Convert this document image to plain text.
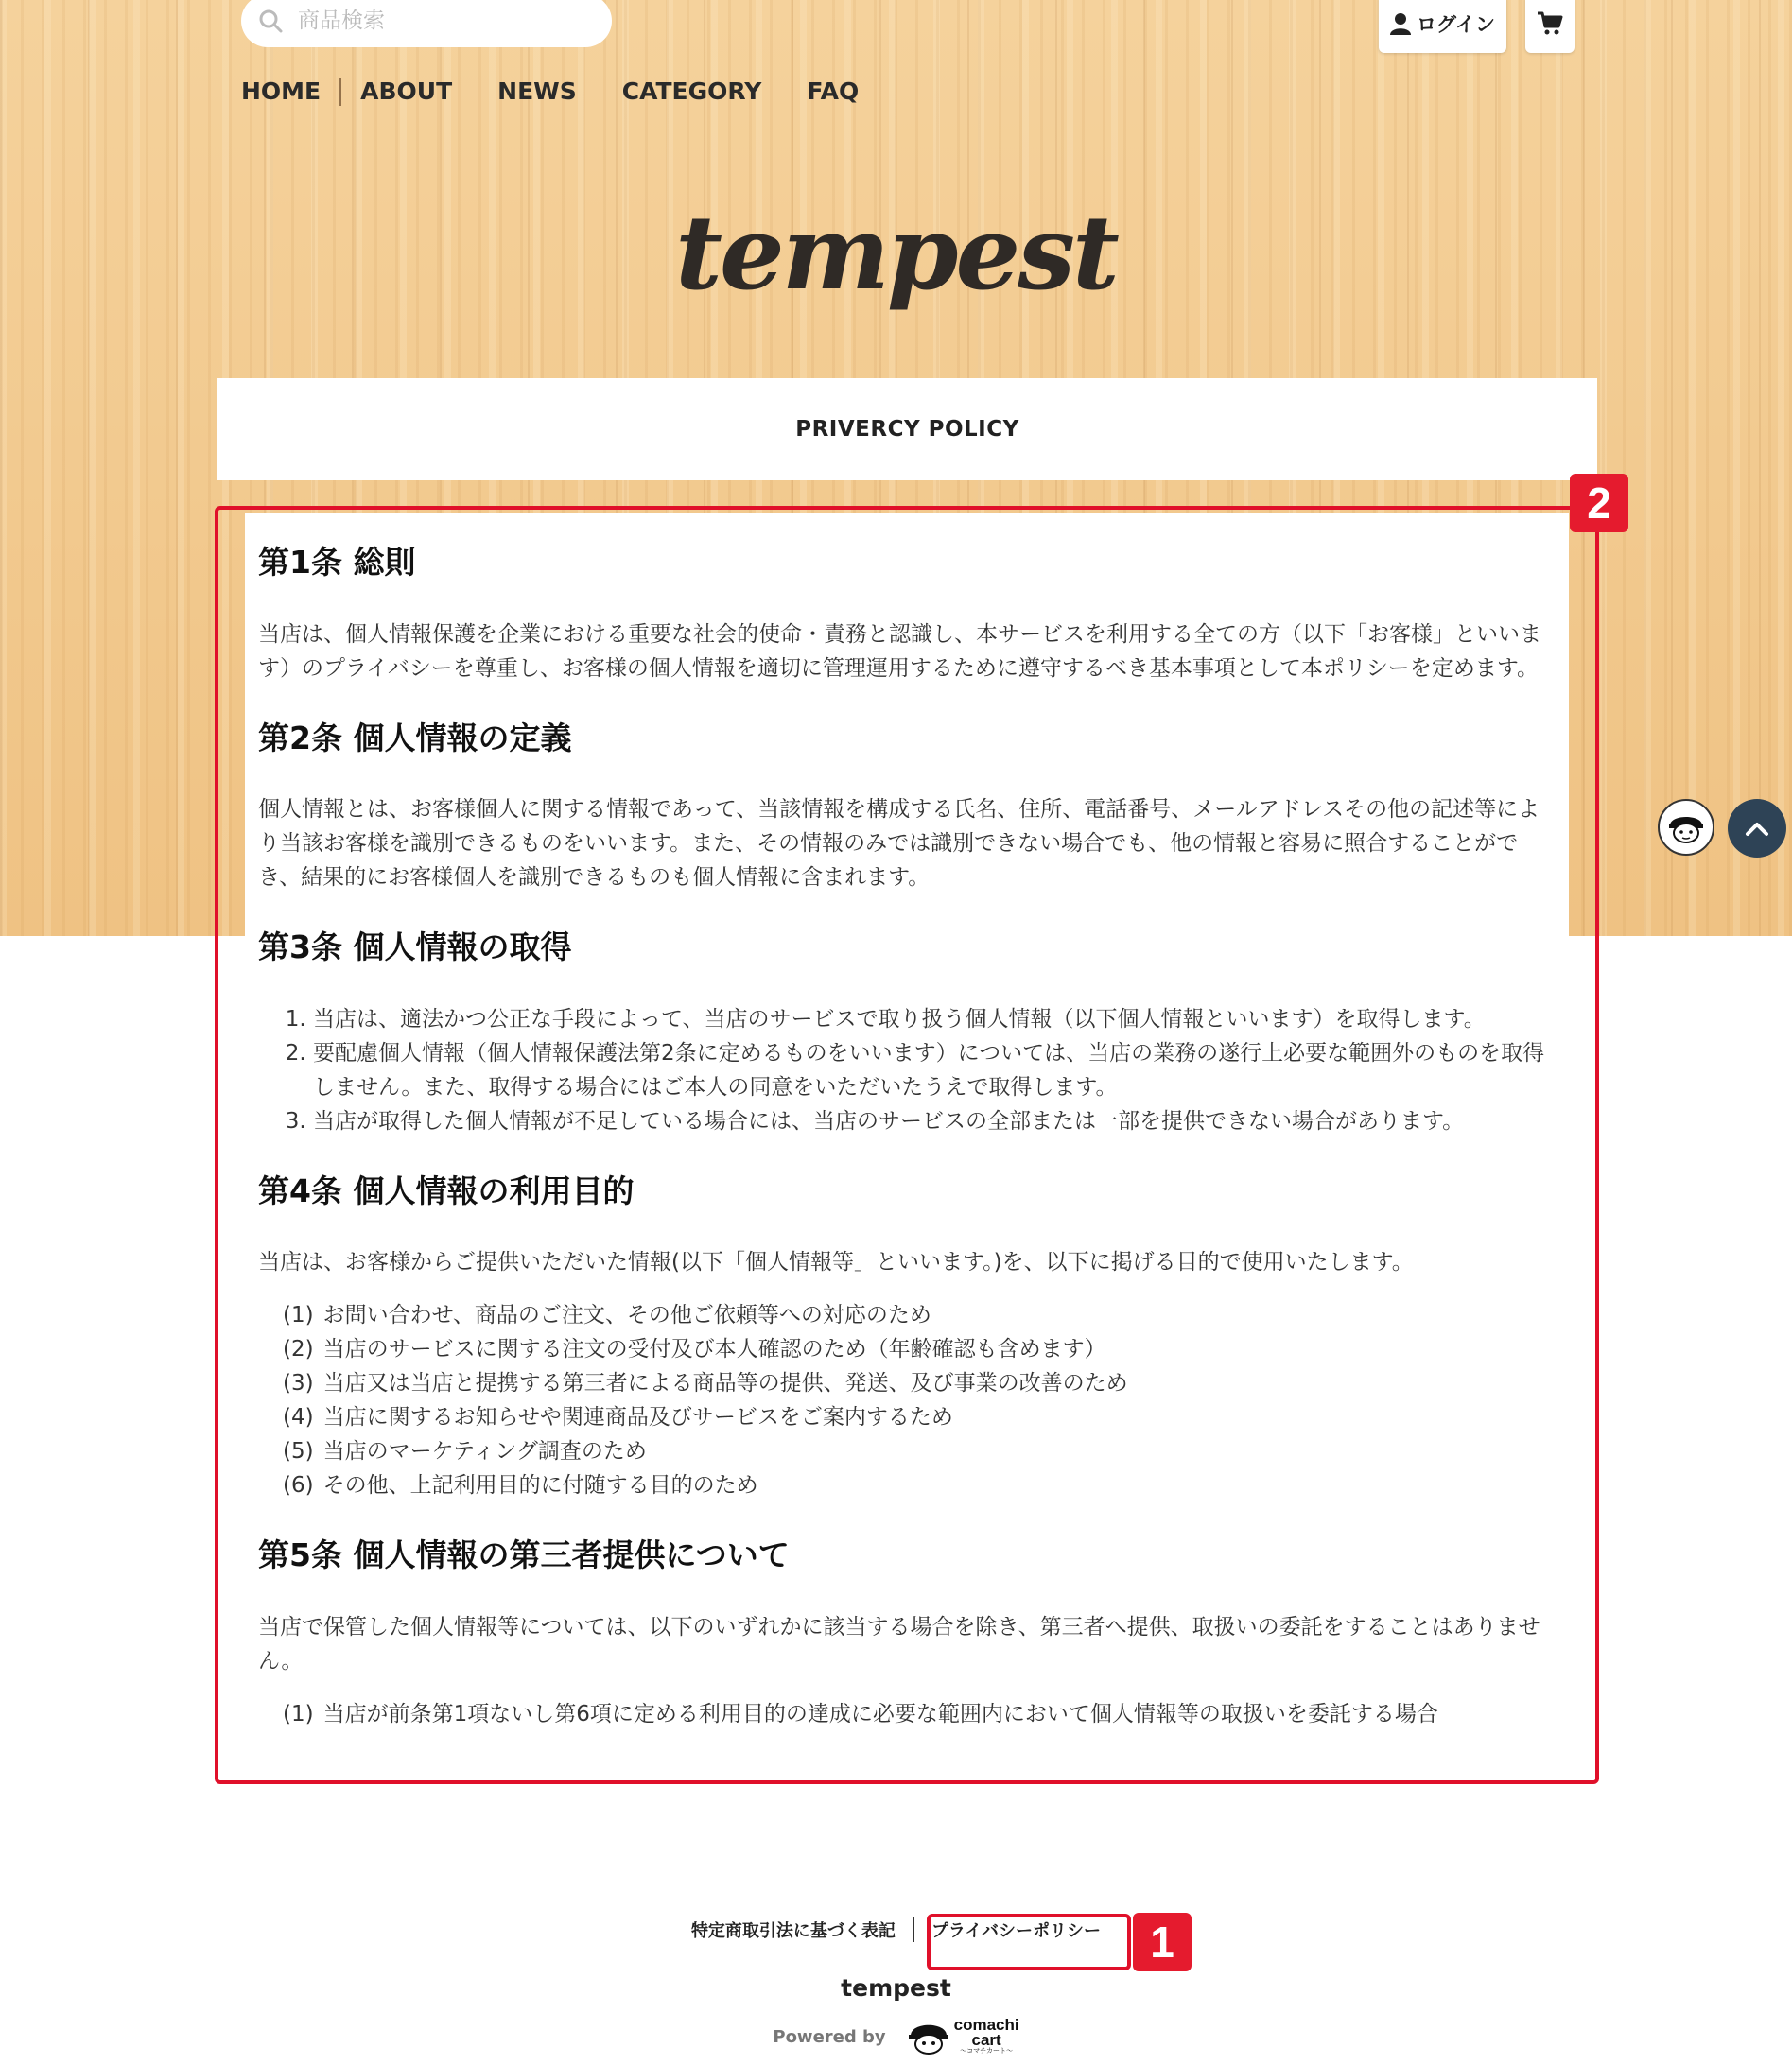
商品検索
ログイン
HOME ABOUT NEWS CATEGORY FAQ
tempest
PRIVERCY POLICY
第1条 総則

当店は、個人情報保護を企業における重要な社会的使命・責務と認識し、本サービスを利用する全ての方（以下「お客様」といいます）のプライバシーを尊重し、お客様の個人情報を適切に管理運用するために遵守するべき基本事項として本ポリシーを定めます。

第2条 個人情報の定義

個人情報とは、お客様個人に関する情報であって、当該情報を構成する氏名、住所、電話番号、メールアドレスその他の記述等により当該お客様を識別できるものをいいます。また、その情報のみでは識別できない場合でも、他の情報と容易に照合することができ、結果的にお客様個人を識別できるものも個人情報に含まれます。

第3条 個人情報の取得
1. 当店は、適法かつ公正な手段によって、当店のサービスで取り扱う個人情報（以下個人情報といいます）を取得します。
2. 要配慮個人情報（個人情報保護法第2条に定めるものをいいます）については、当店の業務の遂行上必要な範囲外のものを取得しません。また、取得する場合にはご本人の同意をいただいたうえで取得します。
3. 当店が取得した個人情報が不足している場合には、当店のサービスの全部または一部を提供できない場合があります。
第4条 個人情報の利用目的

当店は、お客様からご提供いただいた情報(以下「個人情報等」といいます。)を、以下に掲げる目的で使用いたします。

(1) お問い合わせ、商品のご注文、その他ご依頼等への対応のため
(2) 当店のサービスに関する注文の受付及び本人確認のため（年齢確認も含めます）
(3) 当店又は当店と提携する第三者による商品等の提供、発送、及び事業の改善のため
(4) 当店に関するお知らせや関連商品及びサービスをご案内するため
(5) 当店のマーケティング調査のため
(6) その他、上記利用目的に付随する目的のため
第5条 個人情報の第三者提供について

当店で保管した個人情報等については、以下のいずれかに該当する場合を除き、第三者へ提供、取扱いの委託をすることはありません。

(1) 当店が前条第1項ないし第6項に定める利用目的の達成に必要な範囲内において個人情報等の取扱いを委託する場合
2
特定商取引法に基づく表記 プライバシーポリシー 1
tempest
Powered by
comachi
cart
～コマチカート～
